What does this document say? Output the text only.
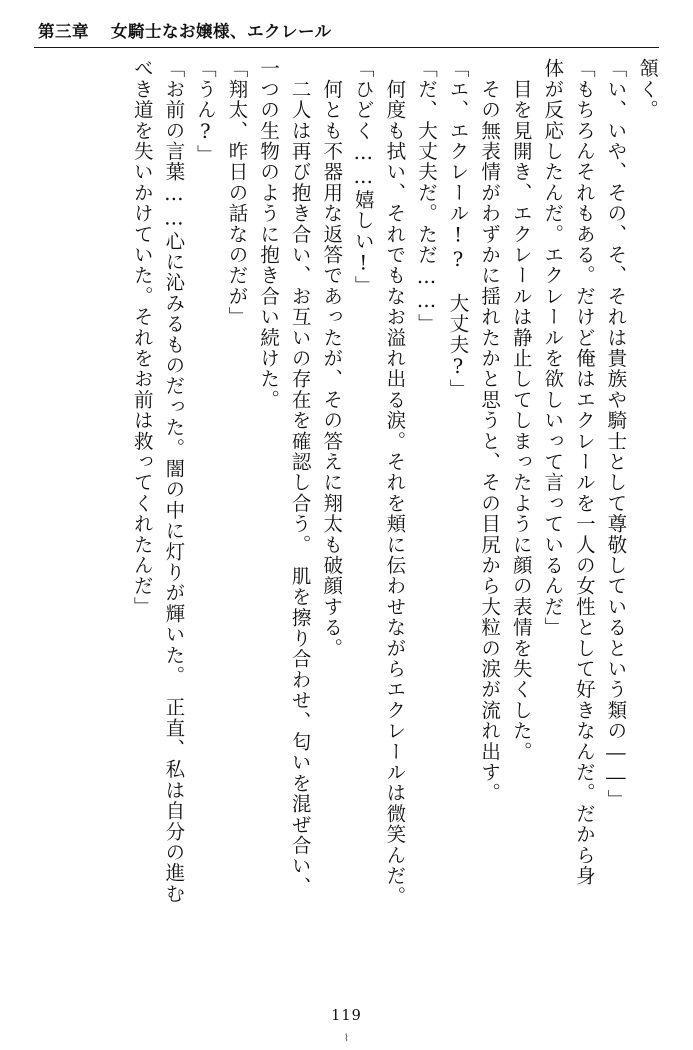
第三章 女騎士なお嬢様、エクレール

頷く。

「い、いや、その、そ、それは貴族や騎士として尊敬しているという類の――」

「もちろんそれもある。だけど俺はエクレールを一人の女性として好きなんだ。だから身

体が反応したんだ。エクレールを欲しいって言っているんだ」

　目を見開き、エクレールは静止してしまったように顔の表情を失くした。

　その無表情がわずかに揺れたかと思うと、その目尻から大粒の涙が流れ出す。

「エ、エクレール!?　大丈夫?」

「だ、大丈夫だ。ただ……」

　何度も拭い、それでもなお溢れ出る涙。それを頬に伝わせながらエクレールは微笑んだ。

「ひどく……嬉しい!」

　何とも不器用な返答であったが、その答えに翔太も破顔する。

　二人は再び抱き合い、お互いの存在を確認し合う。　肌を擦り合わせ、匂いを混ぜ合い、

一つの生物のように抱き合い続けた。

「翔太、昨日の話なのだが」

「うん?」

「お前の言葉……心に沁みるものだった。闇の中に灯りが輝いた。　正直、私は自分の進む

べき道を失いかけていた。それをお前は救ってくれたんだ」

119
⌇
